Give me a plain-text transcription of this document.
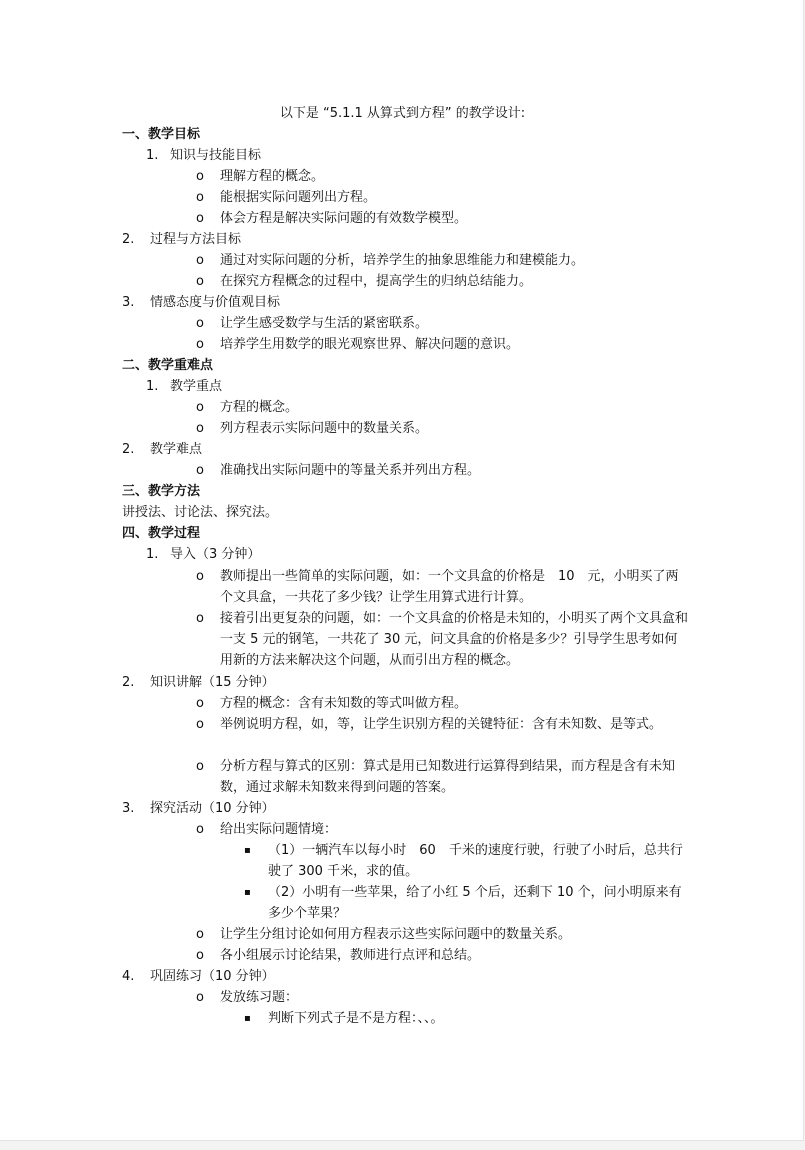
以下是 “5.1.1 从算式到方程” 的教学设计:
一、教学目标
1. 知识与技能目标
o 理解方程的概念。
o 能根据实际问题列出方程。
o 体会方程是解决实际问题的有效数学模型。
2. 过程与方法目标
o 通过对实际问题的分析，培养学生的抽象思维能力和建模能力。
o 在探究方程概念的过程中，提高学生的归纳总结能力。
3. 情感态度与价值观目标
o 让学生感受数学与生活的紧密联系。
o 培养学生用数学的眼光观察世界、解决问题的意识。
二、教学重难点
1. 教学重点
o 方程的概念。
o 列方程表示实际问题中的数量关系。
2. 教学难点
o 准确找出实际问题中的等量关系并列出方程。
三、教学方法
讲授法、讨论法、探究法。
四、教学过程
1. 导入（3 分钟）
o 教师提出一些简单的实际问题，如：一个文具盒的价格是　10　元，小明买了两个文具盒，一共花了多少钱？让学生用算式进行计算。
o 接着引出更复杂的问题，如：一个文具盒的价格是未知的，小明买了两个文具盒和一支 5 元的钢笔，一共花了 30 元，问文具盒的价格是多少？引导学生思考如何用新的方法来解决这个问题，从而引出方程的概念。
2. 知识讲解（15 分钟）
o 方程的概念：含有未知数的等式叫做方程。
o 举例说明方程，如，等，让学生识别方程的关键特征：含有未知数、是等式。
o 分析方程与算式的区别：算式是用已知数进行运算得到结果，而方程是含有未知数，通过求解未知数来得到问题的答案。
3. 探究活动（10 分钟）
o 给出实际问题情境：
▪ （1）一辆汽车以每小时　60　千米的速度行驶，行驶了小时后，总共行驶了 300 千米，求的值。
▪ （2）小明有一些苹果，给了小红 5 个后，还剩下 10 个，问小明原来有多少个苹果？
o 让学生分组讨论如何用方程表示这些实际问题中的数量关系。
o 各小组展示讨论结果，教师进行点评和总结。
4. 巩固练习（10 分钟）
o 发放练习题：
▪ 判断下列式子是不是方程：、、。
